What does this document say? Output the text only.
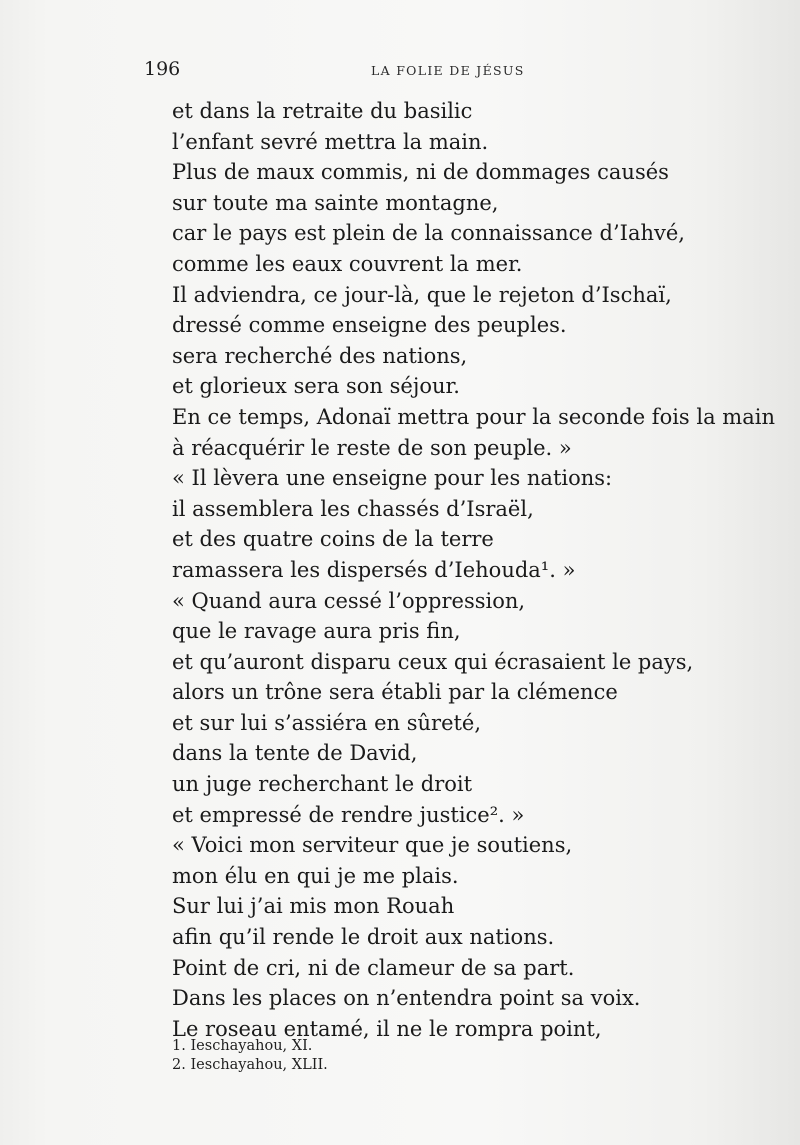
196	LA FOLIE DE JÉSUS
et dans la retraite du basilic
l’enfant sevré mettra la main.
Plus de maux commis, ni de dommages causés
sur toute ma sainte montagne,
car le pays est plein de la connaissance d’Iahvé,
comme les eaux couvrent la mer.
Il adviendra, ce jour-là, que le rejeton d’Ischaï,
dressé comme enseigne des peuples.
sera recherché des nations,
et glorieux sera son séjour.
En ce temps, Adonaï mettra pour la seconde fois la main
à réacquérir le reste de son peuple. »
« Il lèvera une enseigne pour les nations:
il assemblera les chassés d’Israël,
et des quatre coins de la terre
ramassera les dispersés d’Iehouda¹. »
« Quand aura cessé l’oppression,
que le ravage aura pris fin,
et qu’auront disparu ceux qui écrasaient le pays,
alors un trône sera établi par la clémence
et sur lui s’assiéra en sûreté,
dans la tente de David,
un juge recherchant le droit
et empressé de rendre justice². »
« Voici mon serviteur que je soutiens,
mon élu en qui je me plais.
Sur lui j’ai mis mon Rouah
afin qu’il rende le droit aux nations.
Point de cri, ni de clameur de sa part.
Dans les places on n’entendra point sa voix.
Le roseau entamé, il ne le rompra point,
1. Ieschayahou, XI.
2. Ieschayahou, XLII.
